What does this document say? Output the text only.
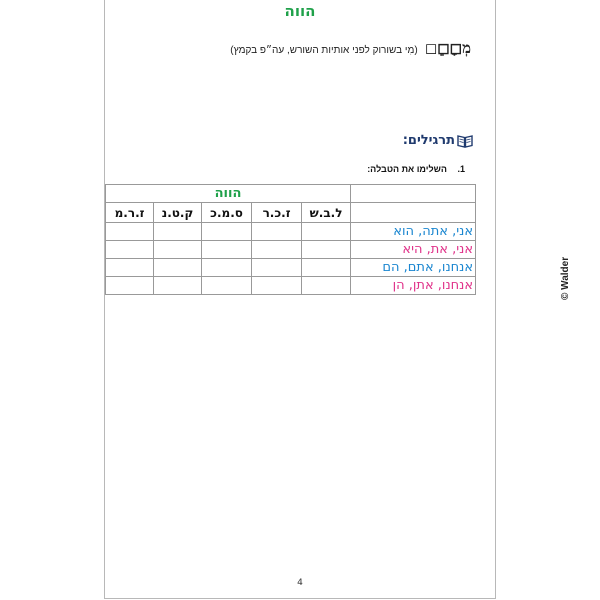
הווה
מְ◻ָ◻ֵ◻ (מִי בשורוק לפני אותיות השורש, עה״פ בקמץ)
תרגילים:
1. השלימו את הטבלה:
	הווה				
	ל.ב.ש	ז.כ.ר	ס.מ.כ	ק.ט.נ	ז.ר.מ
אני, אתה, הוא					
אני, את, היא					
אנחנו, אתם, הם					
אנחנו, אתן, הן					
4
© Walder
